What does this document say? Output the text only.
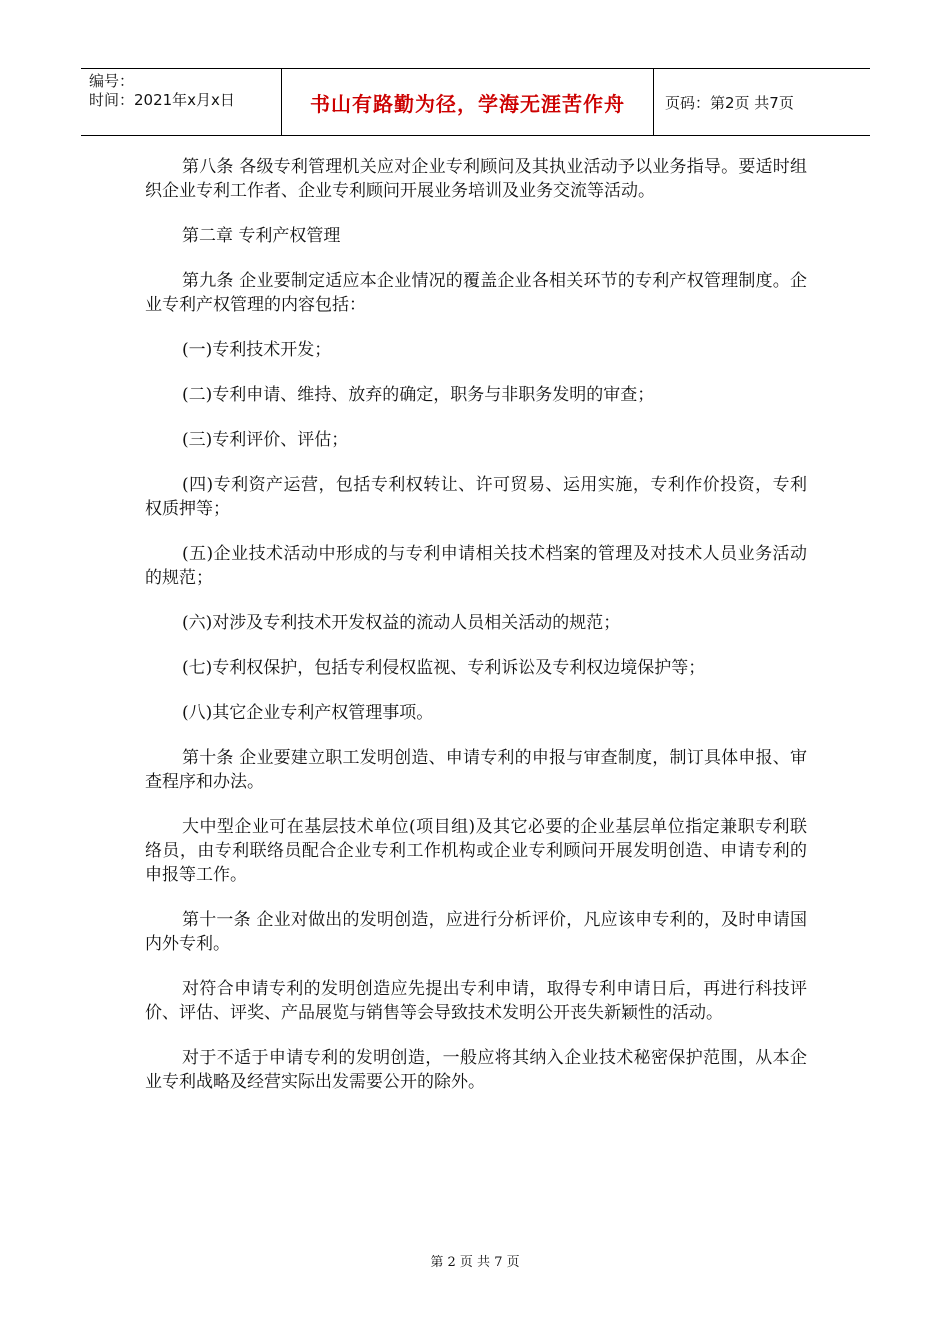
编号：
时间：2021年x月x日	书山有路勤为径，学海无涯苦作舟	页码：第2页 共7页

第八条 各级专利管理机关应对企业专利顾问及其执业活动予以业务指导。要适时组织企业专利工作者、企业专利顾问开展业务培训及业务交流等活动。

第二章 专利产权管理

第九条 企业要制定适应本企业情况的覆盖企业各相关环节的专利产权管理制度。企业专利产权管理的内容包括：

(一)专利技术开发；

(二)专利申请、维持、放弃的确定，职务与非职务发明的审查；

(三)专利评价、评估；

(四)专利资产运营，包括专利权转让、许可贸易、运用实施，专利作价投资，专利权质押等；

(五)企业技术活动中形成的与专利申请相关技术档案的管理及对技术人员业务活动的规范；

(六)对涉及专利技术开发权益的流动人员相关活动的规范；

(七)专利权保护，包括专利侵权监视、专利诉讼及专利权边境保护等；

(八)其它企业专利产权管理事项。

第十条 企业要建立职工发明创造、申请专利的申报与审查制度，制订具体申报、审查程序和办法。

大中型企业可在基层技术单位(项目组)及其它必要的企业基层单位指定兼职专利联络员，由专利联络员配合企业专利工作机构或企业专利顾问开展发明创造、申请专利的申报等工作。

第十一条 企业对做出的发明创造，应进行分析评价，凡应该申专利的，及时申请国内外专利。

对符合申请专利的发明创造应先提出专利申请，取得专利申请日后，再进行科技评价、评估、评奖、产品展览与销售等会导致技术发明公开丧失新颖性的活动。

对于不适于申请专利的发明创造，一般应将其纳入企业技术秘密保护范围，从本企业专利战略及经营实际出发需要公开的除外。

第 2 页 共 7 页
